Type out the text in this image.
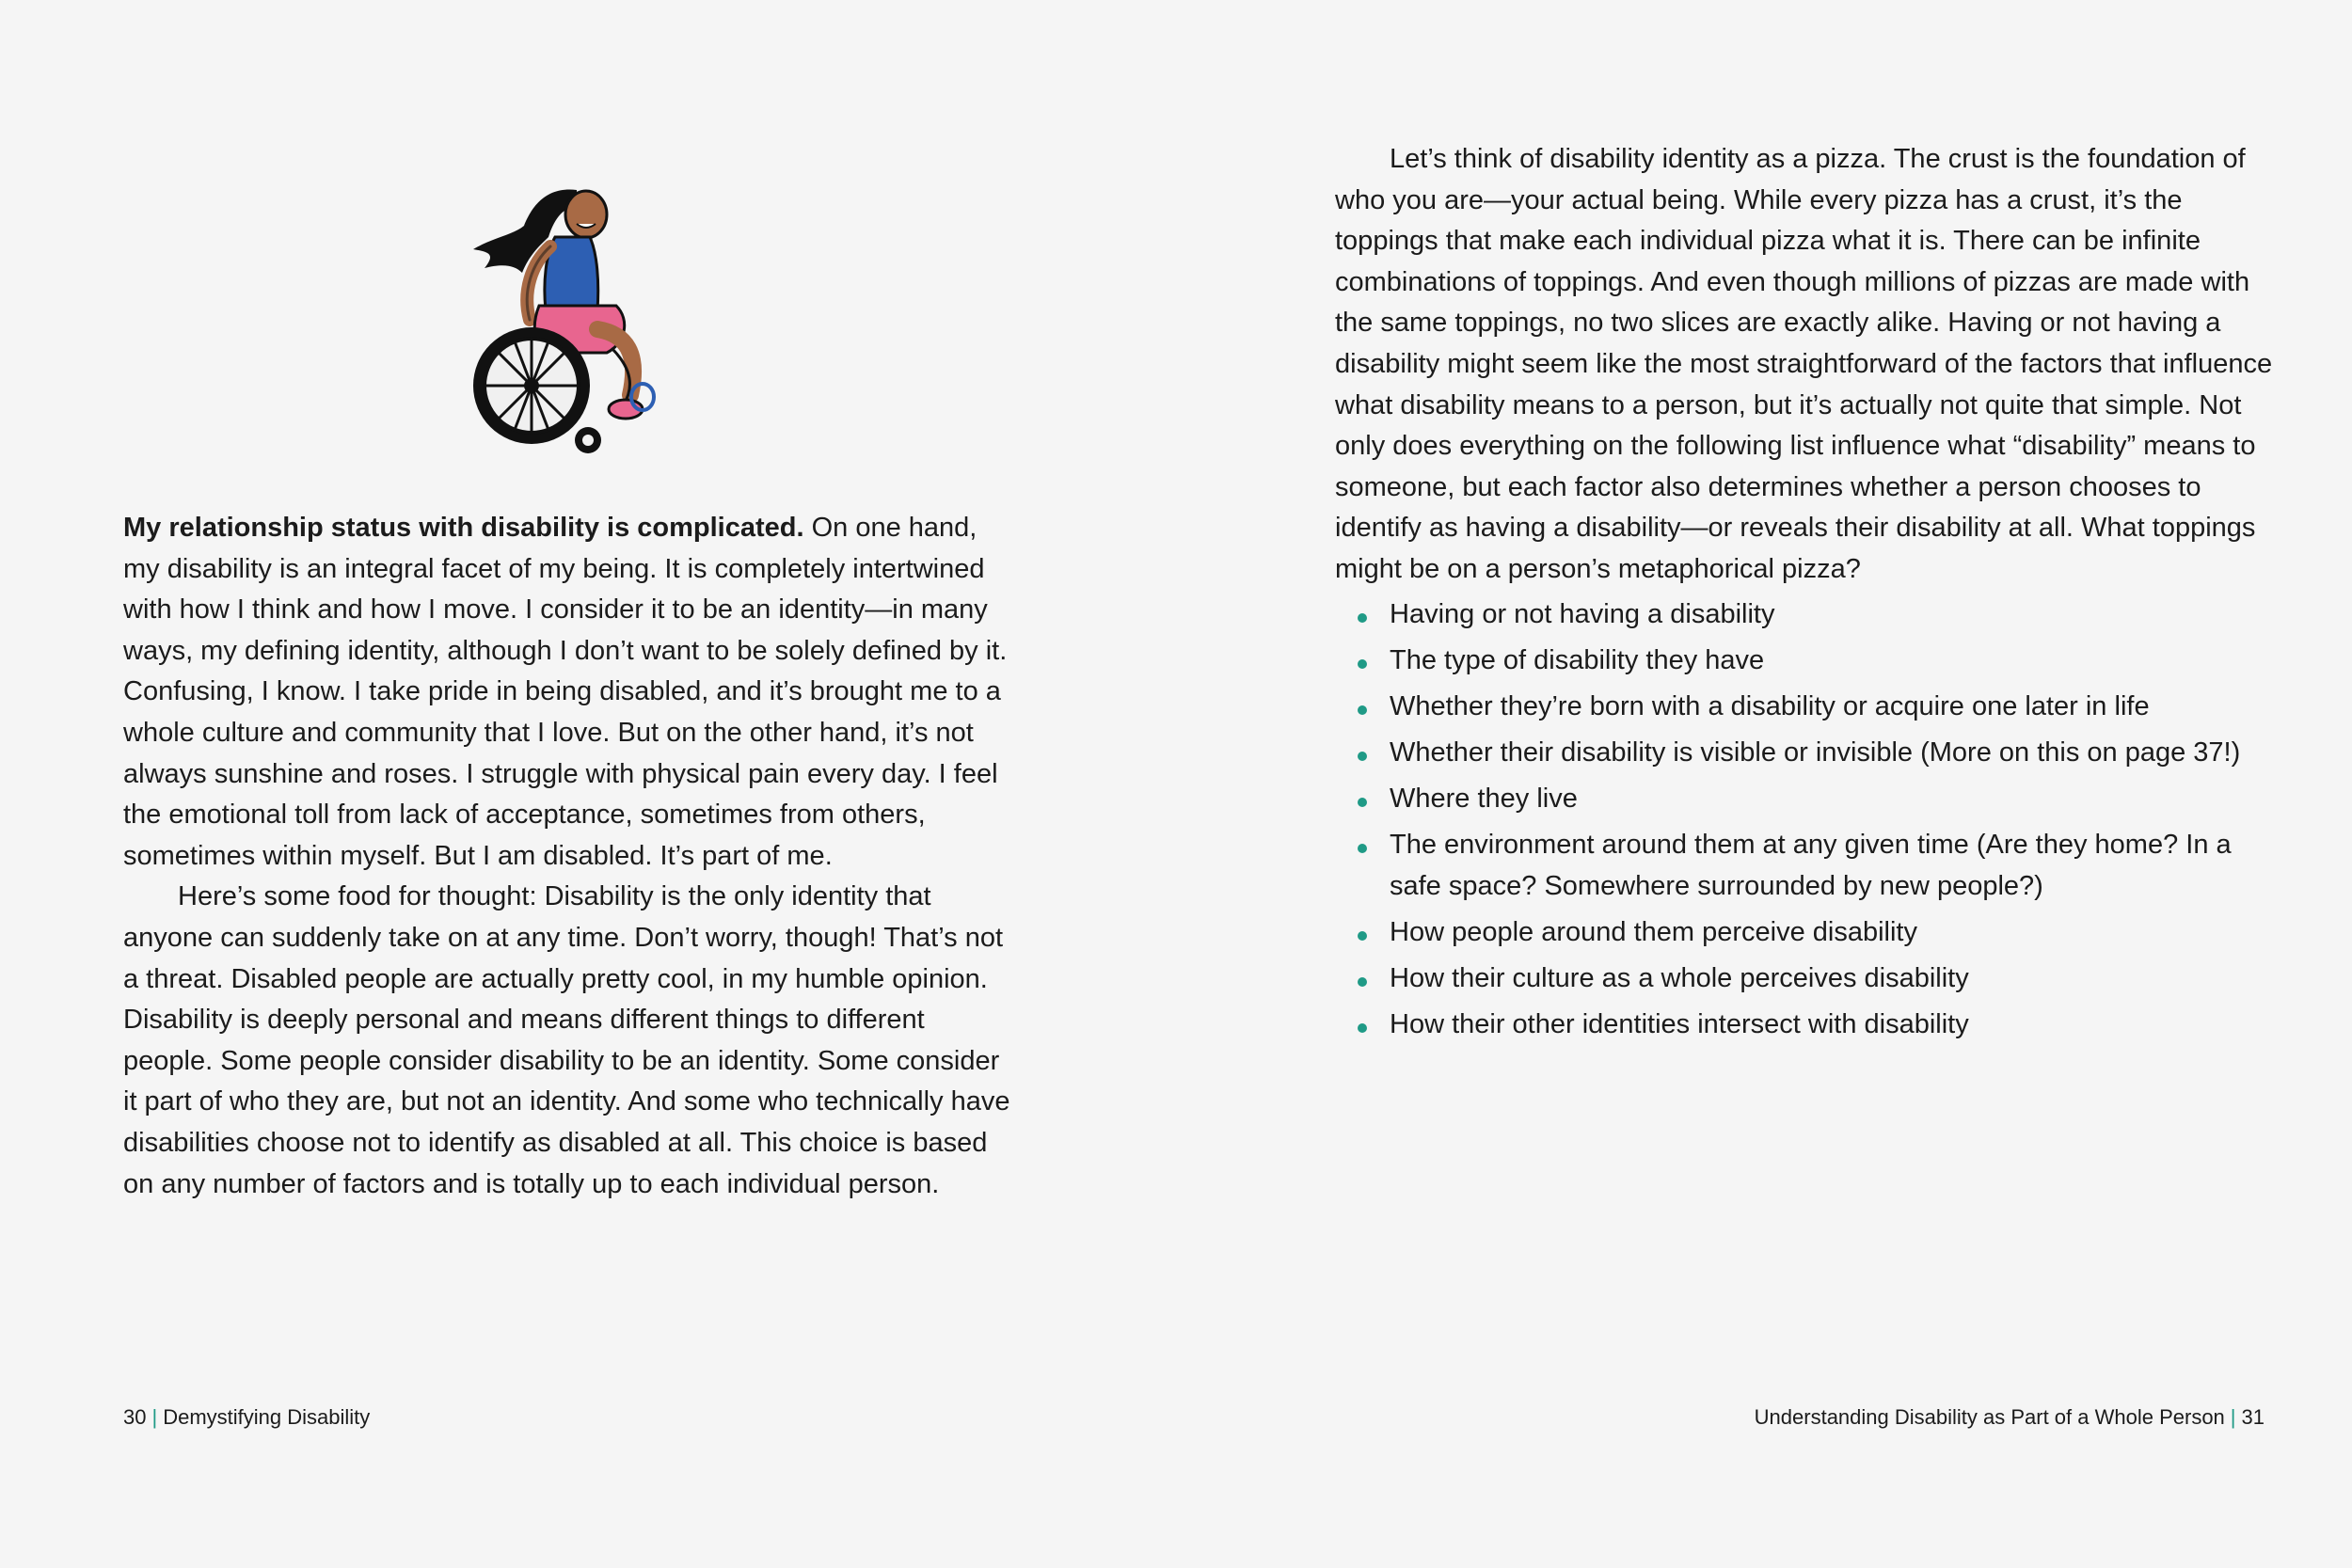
My relationship status with disability is complicated. On one hand, my disability is an integral facet of my being. It is completely intertwined with how I think and how I move. I consider it to be an identity—in many ways, my defining identity, although I don’t want to be solely defined by it. Confusing, I know. I take pride in being disabled, and it’s brought me to a whole culture and community that I love. But on the other hand, it’s not always sunshine and roses. I struggle with physical pain every day. I feel the emotional toll from lack of acceptance, sometimes from others, sometimes within myself. But I am disabled. It’s part of me.

Here’s some food for thought: Disability is the only identity that anyone can suddenly take on at any time. Don’t worry, though! That’s not a threat. Disabled people are actually pretty cool, in my humble opinion. Disability is deeply personal and means different things to different people. Some people consider disability to be an identity. Some consider it part of who they are, but not an identity. And some who technically have disabilities choose not to identify as disabled at all. This choice is based on any number of factors and is totally up to each individual person.

30 | Demystifying Disability

Let’s think of disability identity as a pizza. The crust is the foundation of who you are—your actual being. While every pizza has a crust, it’s the toppings that make each individual pizza what it is. There can be infinite combinations of toppings. And even though millions of pizzas are made with the same toppings, no two slices are exactly alike. Having or not having a disability might seem like the most straightforward of the factors that influence what disability means to a person, but it’s actually not quite that simple. Not only does everything on the following list influence what “disability” means to someone, but each factor also determines whether a person chooses to identify as having a disability—or reveals their disability at all. What toppings might be on a person’s metaphorical pizza?

Having or not having a disability
The type of disability they have
Whether they’re born with a disability or acquire one later in life
Whether their disability is visible or invisible (More on this on page 37!)
Where they live
The environment around them at any given time (Are they home? In a safe space? Somewhere surrounded by new people?)
How people around them perceive disability
How their culture as a whole perceives disability
How their other identities intersect with disability
Understanding Disability as Part of a Whole Person | 31
